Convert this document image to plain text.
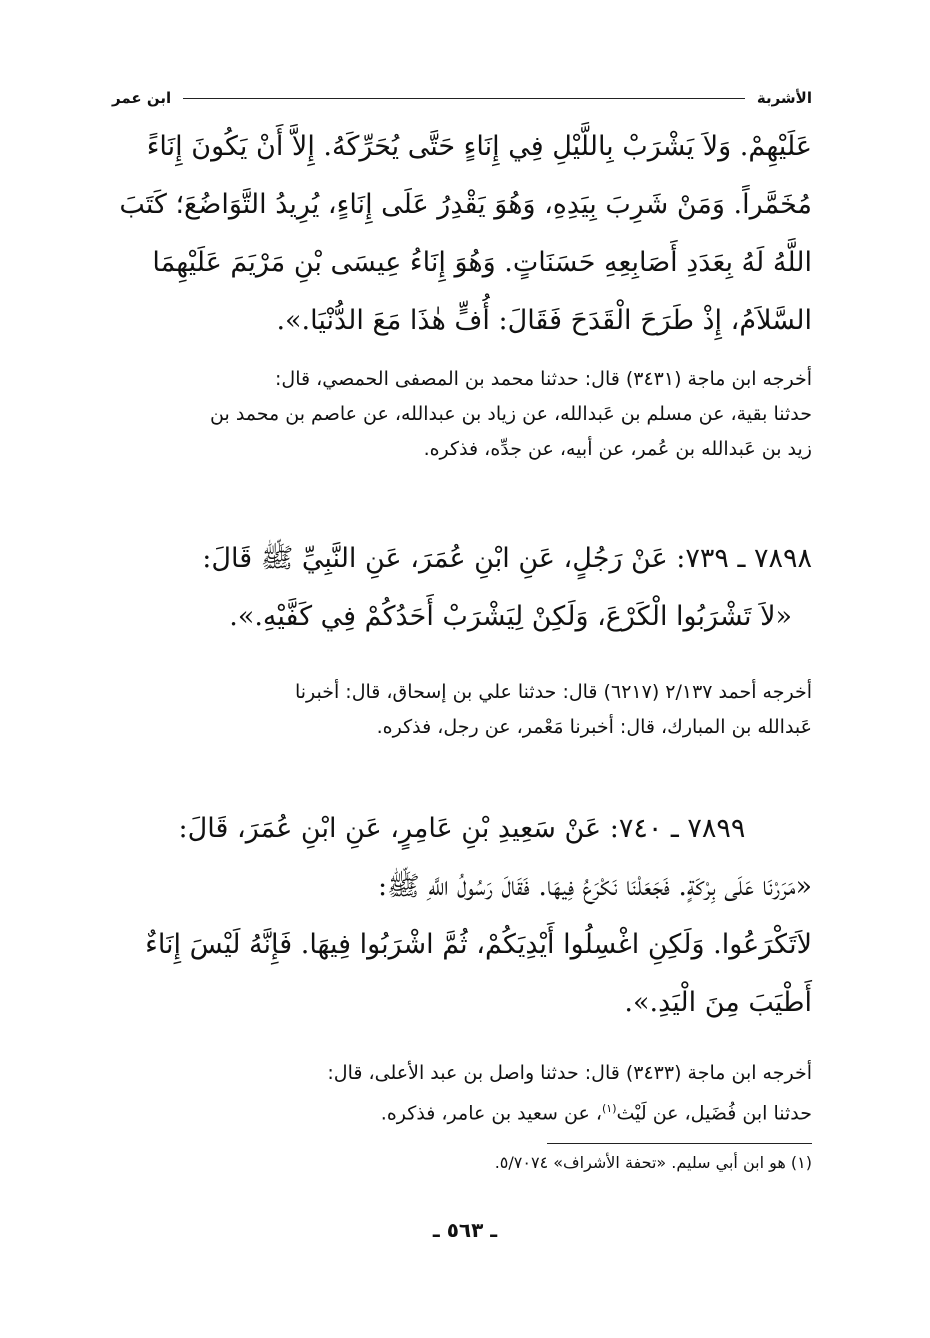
الأشربة
ابن عمر
عَلَيْهِمْ. وَلاَ يَشْرَبْ بِاللَّيْلِ فِي إِنَاءٍ حَتَّى يُحَرِّكَهُ. إِلاَّ أَنْ يَكُونَ إِنَاءً
مُخَمَّراً. وَمَنْ شَرِبَ بِيَدِهِ، وَهُوَ يَقْدِرُ عَلَى إِنَاءٍ، يُرِيدُ التَّوَاضُعَ؛ كَتَبَ
اللَّهُ لَهُ بِعَدَدِ أَصَابِعِهِ حَسَنَاتٍ. وَهُوَ إِنَاءُ عِيسَى بْنِ مَرْيَمَ عَلَيْهِمَا
السَّلاَمُ، إِذْ طَرَحَ الْقَدَحَ فَقَالَ: أُفٍّ هٰذَا مَعَ الدُّنْيَا.».
أخرجه ابن ماجة (٣٤٣١) قال: حدثنا محمد بن المصفى الحمصي، قال:
حدثنا بقية، عن مسلم بن عَبدالله، عن زياد بن عبدالله، عن عاصم بن محمد بن
زيد بن عَبدالله بن عُمر، عن أبيه، عن جدِّه، فذكره.
٧٨٩٨ ـ ٧٣٩: عَنْ رَجُلٍ، عَنِ ابْنِ عُمَرَ، عَنِ النَّبِيِّ ﷺ قَالَ:
«لاَ تَشْرَبُوا الْكَرْعَ، وَلَكِنْ لِيَشْرَبْ أَحَدُكُمْ فِي كَفَّيْهِ.».
أخرجه أحمد ٢/١٣٧ (٦٢١٧) قال: حدثنا علي بن إسحاق، قال: أخبرنا
عَبدالله بن المبارك، قال: أخبرنا مَعْمر، عن رجل، فذكره.
٧٨٩٩ ـ ٧٤٠: عَنْ سَعِيدِ بْنِ عَامِرٍ، عَنِ ابْنِ عُمَرَ، قَالَ:
«مَرَرْنَا عَلَى بِرْكَةٍ. فَجَعَلْنَا نَكْرَعُ فِيهَا. فَقَالَ رَسُولُ اللَّهِ ﷺ:
لاَتَكْرَعُوا. وَلَكِنِ اغْسِلُوا أَيْدِيَكُمْ، ثُمَّ اشْرَبُوا فِيهَا. فَإِنَّهُ لَيْسَ إِنَاءٌ
أَطْيَبَ مِنَ الْيَدِ.».
أخرجه ابن ماجة (٣٤٣٣) قال: حدثنا واصل بن عبد الأعلى، قال:
حدثنا ابن فُضَيل، عن لَيْث$^{(١)}$، عن سعيد بن عامر، فذكره.
(١) هو ابن أبي سليم. «تحفة الأشراف» ٥/٧٠٧٤.
ـ ٥٦٣ ـ
